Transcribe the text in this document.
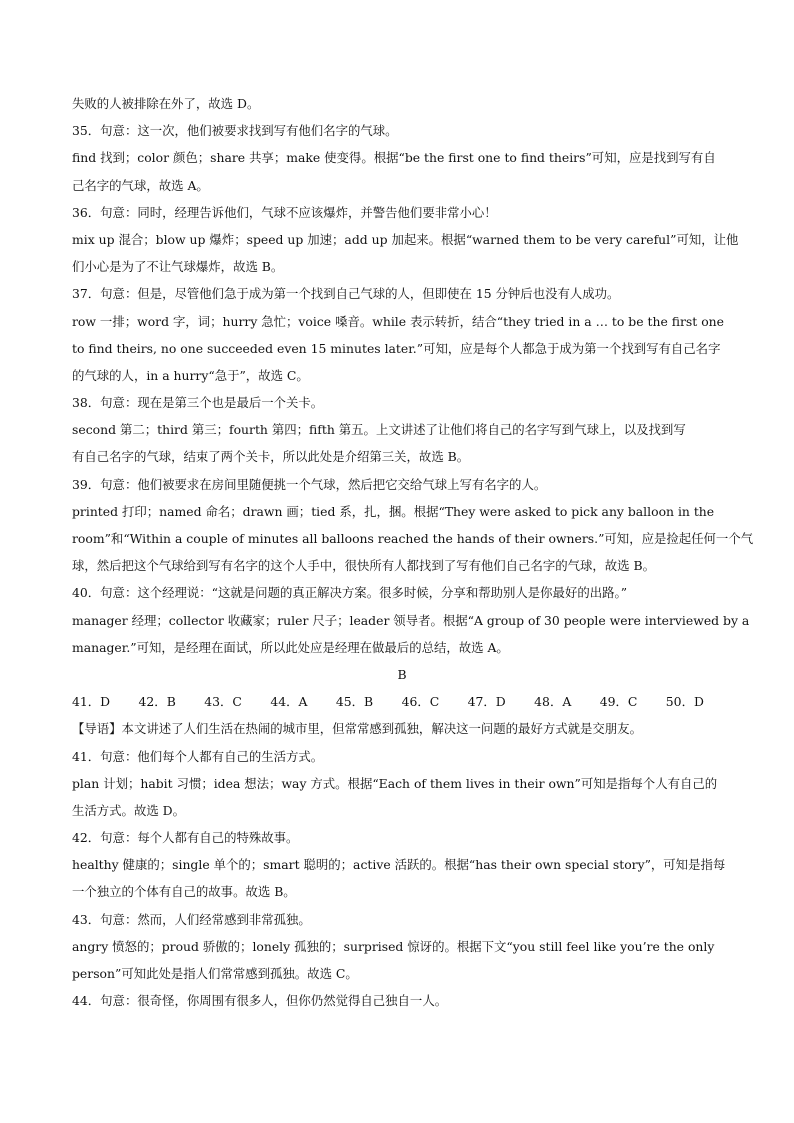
失败的人被排除在外了，故选 D。
35．句意：这一次，他们被要求找到写有他们名字的气球。
find 找到；color 颜色；share 共享；make 使变得。根据“be the first one to find theirs”可知，应是找到写有自
己名字的气球，故选 A。
36．句意：同时，经理告诉他们，气球不应该爆炸，并警告他们要非常小心！
mix up 混合；blow up 爆炸；speed up 加速；add up 加起来。根据“warned them to be very careful”可知，让他
们小心是为了不让气球爆炸，故选 B。
37．句意：但是，尽管他们急于成为第一个找到自己气球的人，但即使在 15 分钟后也没有人成功。
row 一排；word 字，词；hurry 急忙；voice 嗓音。while 表示转折，结合“they tried in a … to be the first one
to find theirs, no one succeeded even 15 minutes later.”可知，应是每个人都急于成为第一个找到写有自己名字
的气球的人，in a hurry“急于”，故选 C。
38．句意：现在是第三个也是最后一个关卡。
second 第二；third 第三；fourth 第四；fifth 第五。上文讲述了让他们将自己的名字写到气球上，以及找到写
有自己名字的气球，结束了两个关卡，所以此处是介绍第三关，故选 B。
39．句意：他们被要求在房间里随便挑一个气球，然后把它交给气球上写有名字的人。
printed 打印；named 命名；drawn 画；tied 系，扎，捆。根据“They were asked to pick any balloon in the
room”和“Within a couple of minutes all balloons reached the hands of their owners.”可知，应是捡起任何一个气
球，然后把这个气球给到写有名字的这个人手中，很快所有人都找到了写有他们自己名字的气球，故选 B。
40．句意：这个经理说：“这就是问题的真正解决方案。很多时候，分享和帮助别人是你最好的出路。”
manager 经理；collector 收藏家；ruler 尺子；leader 领导者。根据“A group of 30 people were interviewed by a
manager.”可知，是经理在面试，所以此处应是经理在做最后的总结，故选 A。
B
41．D 42．B 43．C 44．A 45．B 46．C 47．D 48．A 49．C 50．D
【导语】本文讲述了人们生活在热闹的城市里，但常常感到孤独，解决这一问题的最好方式就是交朋友。
41．句意：他们每个人都有自己的生活方式。
plan 计划；habit 习惯；idea 想法；way 方式。根据“Each of them lives in their own”可知是指每个人有自己的
生活方式。故选 D。
42．句意：每个人都有自己的特殊故事。
healthy 健康的；single 单个的；smart 聪明的；active 活跃的。根据“has their own special story”，可知是指每
一个独立的个体有自己的故事。故选 B。
43．句意：然而，人们经常感到非常孤独。
angry 愤怒的；proud 骄傲的；lonely 孤独的；surprised 惊讶的。根据下文“you still feel like you’re the only
person”可知此处是指人们常常感到孤独。故选 C。
44．句意：很奇怪，你周围有很多人，但你仍然觉得自己独自一人。
